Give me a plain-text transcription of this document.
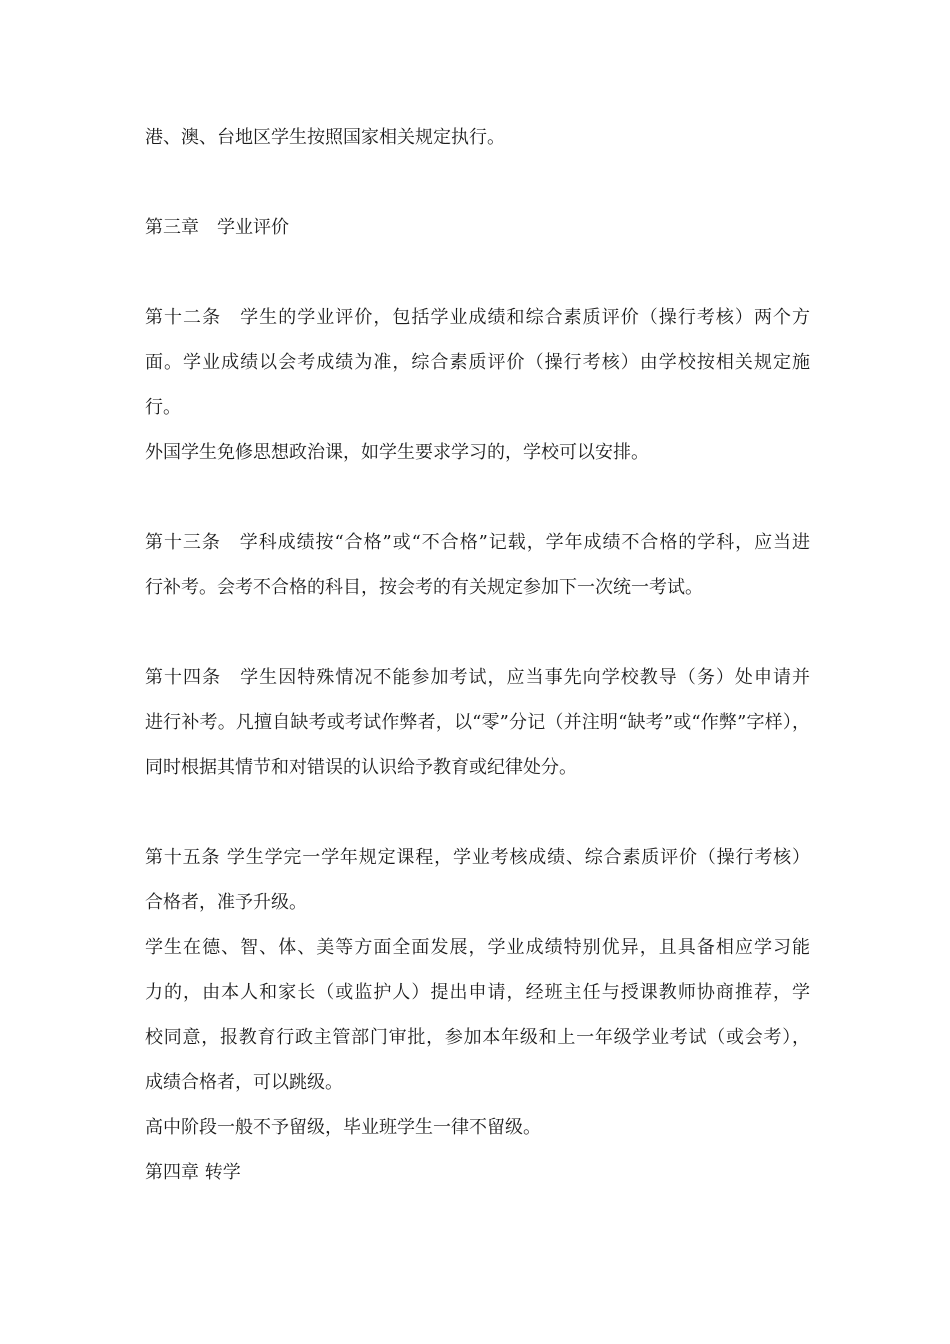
港、澳、台地区学生按照国家相关规定执行。
第三章　学业评价
第十二条　学生的学业评价，包括学业成绩和综合素质评价（操行考核）两个方
面。学业成绩以会考成绩为准，综合素质评价（操行考核）由学校按相关规定施
行。
外国学生免修思想政治课，如学生要求学习的，学校可以安排。
第十三条　学科成绩按“合格”或“不合格”记载，学年成绩不合格的学科，应当进
行补考。会考不合格的科目，按会考的有关规定参加下一次统一考试。
第十四条　学生因特殊情况不能参加考试，应当事先向学校教导（务）处申请并
进行补考。凡擅自缺考或考试作弊者，以“零”分记（并注明“缺考”或“作弊”字样），
同时根据其情节和对错误的认识给予教育或纪律处分。
第十五条 学生学完一学年规定课程，学业考核成绩、综合素质评价（操行考核）
合格者，准予升级。
学生在德、智、体、美等方面全面发展，学业成绩特别优异，且具备相应学习能
力的，由本人和家长（或监护人）提出申请，经班主任与授课教师协商推荐，学
校同意，报教育行政主管部门审批，参加本年级和上一年级学业考试（或会考），
成绩合格者，可以跳级。
高中阶段一般不予留级，毕业班学生一律不留级。
第四章 转学
